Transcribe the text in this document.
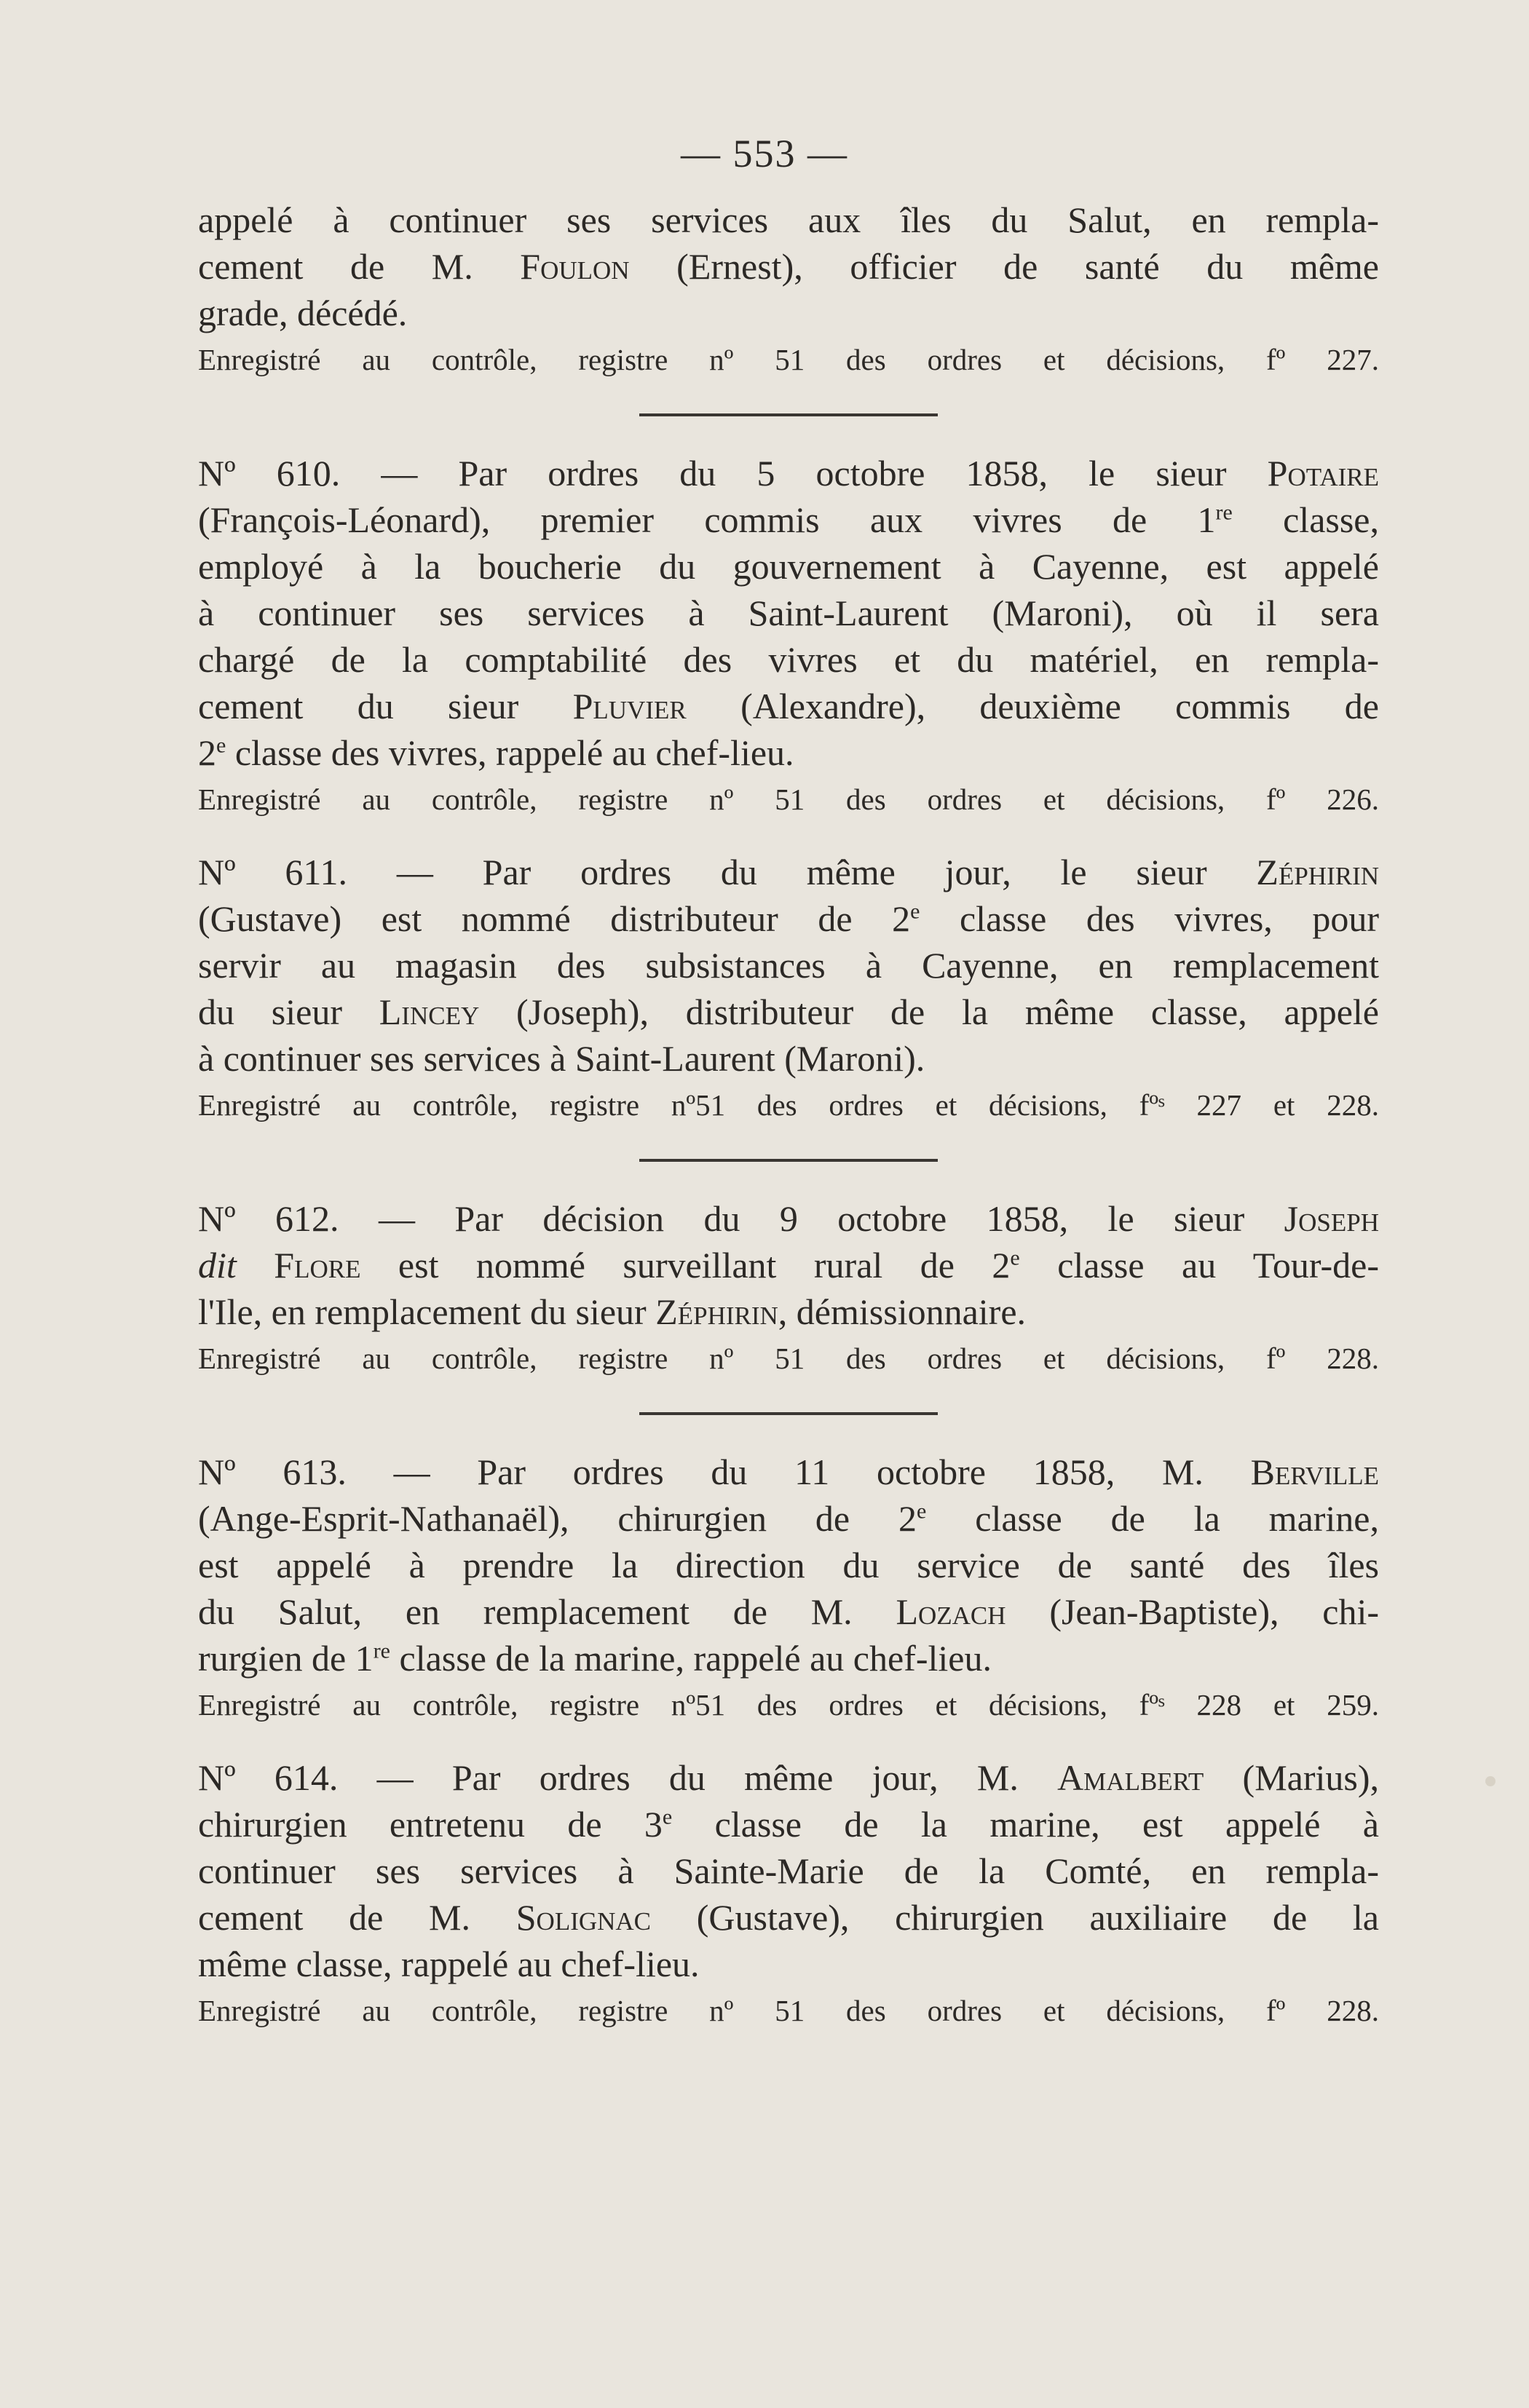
— 553 —
appelé à continuer ses services aux îles du Salut, en rempla-
cement de M. Foulon (Ernest), officier de santé du même
grade, décédé.
Enregistré au contrôle, registre nº 51 des ordres et décisions, fº 227.
Nº 610. — Par ordres du 5 octobre 1858, le sieur Potaire
(François-Léonard), premier commis aux vivres de 1re classe,
employé à la boucherie du gouvernement à Cayenne, est appelé
à continuer ses services à Saint-Laurent (Maroni), où il sera
chargé de la comptabilité des vivres et du matériel, en rempla-
cement du sieur Pluvier (Alexandre), deuxième commis de
2e classe des vivres, rappelé au chef-lieu.
Enregistré au contrôle, registre nº 51 des ordres et décisions, fº 226.
Nº 611. — Par ordres du même jour, le sieur Zéphirin
(Gustave) est nommé distributeur de 2e classe des vivres, pour
servir au magasin des subsistances à Cayenne, en remplacement
du sieur Lincey (Joseph), distributeur de la même classe, appelé
à continuer ses services à Saint-Laurent (Maroni).
Enregistré au contrôle, registre nº51 des ordres et décisions, fºˢ 227 et 228.
Nº 612. — Par décision du 9 octobre 1858, le sieur Joseph
dit Flore est nommé surveillant rural de 2e classe au Tour-de-
l'Ile, en remplacement du sieur Zéphirin, démissionnaire.
Enregistré au contrôle, registre nº 51 des ordres et décisions, fº 228.
Nº 613. — Par ordres du 11 octobre 1858, M. Berville
(Ange-Esprit-Nathanaël), chirurgien de 2e classe de la marine,
est appelé à prendre la direction du service de santé des îles
du Salut, en remplacement de M. Lozach (Jean-Baptiste), chi-
rurgien de 1re classe de la marine, rappelé au chef-lieu.
Enregistré au contrôle, registre nº51 des ordres et décisions, fºˢ 228 et 259.
Nº 614. — Par ordres du même jour, M. Amalbert (Marius),
chirurgien entretenu de 3e classe de la marine, est appelé à
continuer ses services à Sainte-Marie de la Comté, en rempla-
cement de M. Solignac (Gustave), chirurgien auxiliaire de la
même classe, rappelé au chef-lieu.
Enregistré au contrôle, registre nº 51 des ordres et décisions, fº 228.
